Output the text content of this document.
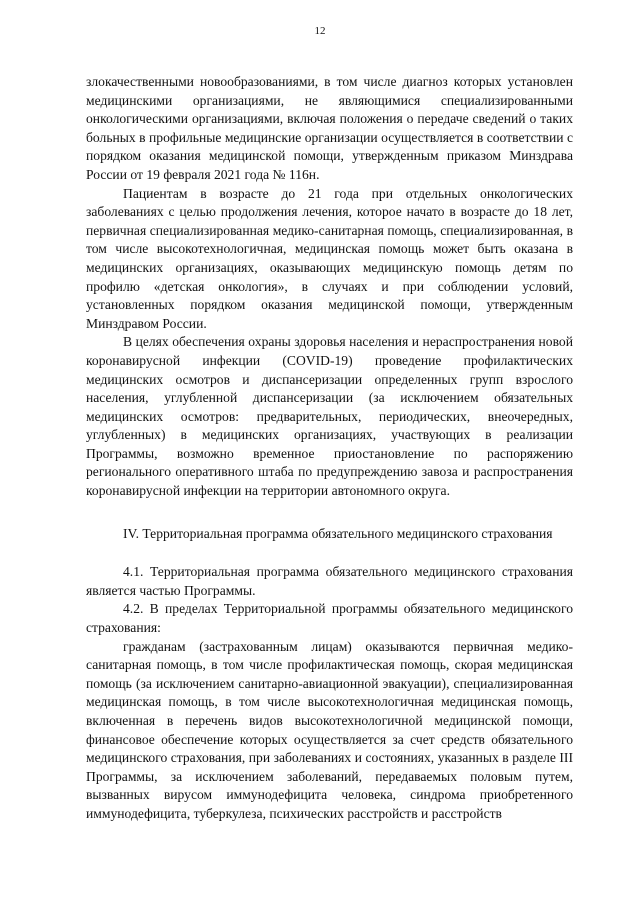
12

злокачественными новообразованиями, в том числе диагноз которых установлен медицинскими организациями, не являющимися специализированными онкологическими организациями, включая положения о передаче сведений о таких больных в профильные медицинские организации осуществляется в соответствии с порядком оказания медицинской помощи, утвержденным приказом Минздрава России от 19 февраля 2021 года № 116н.

Пациентам в возрасте до 21 года при отдельных онкологических заболеваниях с целью продолжения лечения, которое начато в возрасте до 18 лет, первичная специализированная медико-санитарная помощь, специализированная, в том числе высокотехнологичная, медицинская помощь может быть оказана в медицинских организациях, оказывающих медицинскую помощь детям по профилю «детская онкология», в случаях и при соблюдении условий, установленных порядком оказания медицинской помощи, утвержденным Минздравом России.

В целях обеспечения охраны здоровья населения и нераспространения новой коронавирусной инфекции (COVID-19) проведение профилактических медицинских осмотров и диспансеризации определенных групп взрослого населения, углубленной диспансеризации (за исключением обязательных медицинских осмотров: предварительных, периодических, внеочередных, углубленных) в медицинских организациях, участвующих в реализации Программы, возможно временное приостановление по распоряжению регионального оперативного штаба по предупреждению завоза и распространения коронавирусной инфекции на территории автономного округа.

IV. Территориальная программа обязательного медицинского страхования

4.1. Территориальная программа обязательного медицинского страхования является частью Программы.

4.2. В пределах Территориальной программы обязательного медицинского страхования:

гражданам (застрахованным лицам) оказываются первичная медико-санитарная помощь, в том числе профилактическая помощь, скорая медицинская помощь (за исключением санитарно-авиационной эвакуации), специализированная медицинская помощь, в том числе высокотехнологичная медицинская помощь, включенная в перечень видов высокотехнологичной медицинской помощи, финансовое обеспечение которых осуществляется за счет средств обязательного медицинского страхования, при заболеваниях и состояниях, указанных в разделе III Программы, за исключением заболеваний, передаваемых половым путем, вызванных вирусом иммунодефицита человека, синдрома приобретенного иммунодефицита, туберкулеза, психических расстройств и расстройств
